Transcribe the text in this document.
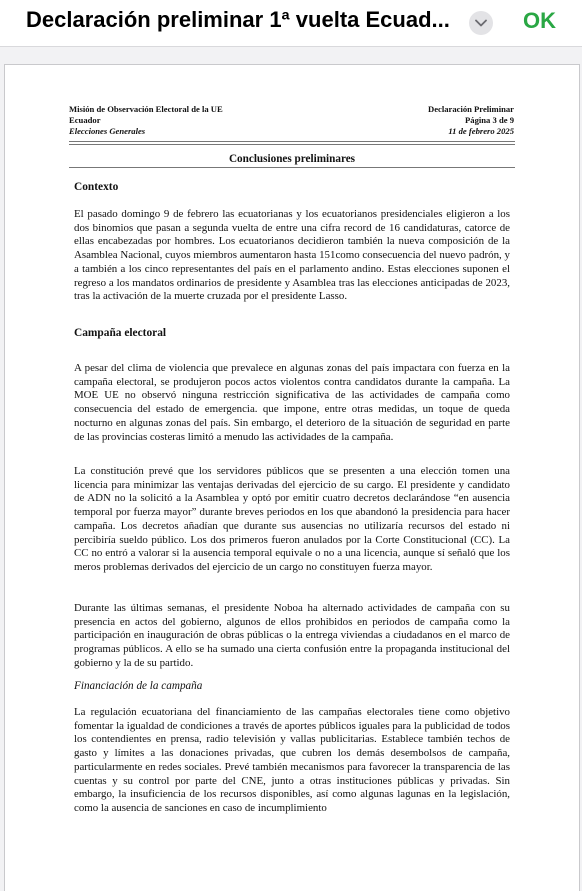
Declaración preliminar 1ª vuelta Ecuad...	OK
Misión de Observación Electoral de la UE
Ecuador
Elecciones Generales
Declaración Preliminar
Página 3 de 9
11 de febrero 2025
Conclusiones preliminares
Contexto
El pasado domingo 9 de febrero las ecuatorianas y los ecuatorianos presidenciales eligieron a los dos binomios que pasan a segunda vuelta de entre una cifra record de 16 candidaturas, catorce de ellas encabezadas por hombres. Los ecuatorianos decidieron también la nueva composición de la Asamblea Nacional, cuyos miembros aumentaron hasta 151como consecuencia del nuevo padrón, y a también a los cinco representantes del país en el parlamento andino. Estas elecciones suponen el regreso a los mandatos ordinarios de presidente y Asamblea tras las elecciones anticipadas de 2023, tras la activación de la muerte cruzada por el presidente Lasso.
Campaña electoral
A pesar del clima de violencia que prevalece en algunas zonas del país impactara con fuerza en la campaña electoral, se produjeron pocos actos violentos contra candidatos durante la campaña. La MOE UE no observó ninguna restricción significativa de las actividades de campaña como consecuencia del estado de emergencia. que impone, entre otras medidas, un toque de queda nocturno en algunas zonas del país. Sin embargo, el deterioro de la situación de seguridad en parte de las provincias costeras limitó a menudo las actividades de la campaña.
La constitución prevé que los servidores públicos que se presenten a una elección tomen una licencia para minimizar las ventajas derivadas del ejercicio de su cargo. El presidente y candidato de ADN no la solicitó a la Asamblea y optó por emitir cuatro decretos declarándose “en ausencia temporal por fuerza mayor” durante breves periodos en los que abandonó la presidencia para hacer campaña. Los decretos añadían que durante sus ausencias no utilizaría recursos del estado ni percibiría sueldo público. Los dos primeros fueron anulados por la Corte Constitucional (CC). La CC no entró a valorar si la ausencia temporal equivale o no a una licencia, aunque sí señaló que los meros problemas derivados del ejercicio de un cargo no constituyen fuerza mayor.
Durante las últimas semanas, el presidente Noboa ha alternado actividades de campaña con su presencia en actos del gobierno, algunos de ellos prohibidos en periodos de campaña como la participación en inauguración de obras públicas o la entrega viviendas a ciudadanos en el marco de programas públicos. A ello se ha sumado una cierta confusión entre la propaganda institucional del gobierno y la de su partido.
Financiación de la campaña
La regulación ecuatoriana del financiamiento de las campañas electorales tiene como objetivo fomentar la igualdad de condiciones a través de aportes públicos iguales para la publicidad de todos los contendientes en prensa, radio televisión y vallas publicitarias. Establece también techos de gasto y límites a las donaciones privadas, que cubren los demás desembolsos de campaña, particularmente en redes sociales. Prevé también mecanismos para favorecer la transparencia de las cuentas y su control por parte del CNE, junto a otras instituciones públicas y privadas. Sin embargo, la insuficiencia de los recursos disponibles, así como algunas lagunas en la legislación, como la ausencia de sanciones en caso de incumplimiento
